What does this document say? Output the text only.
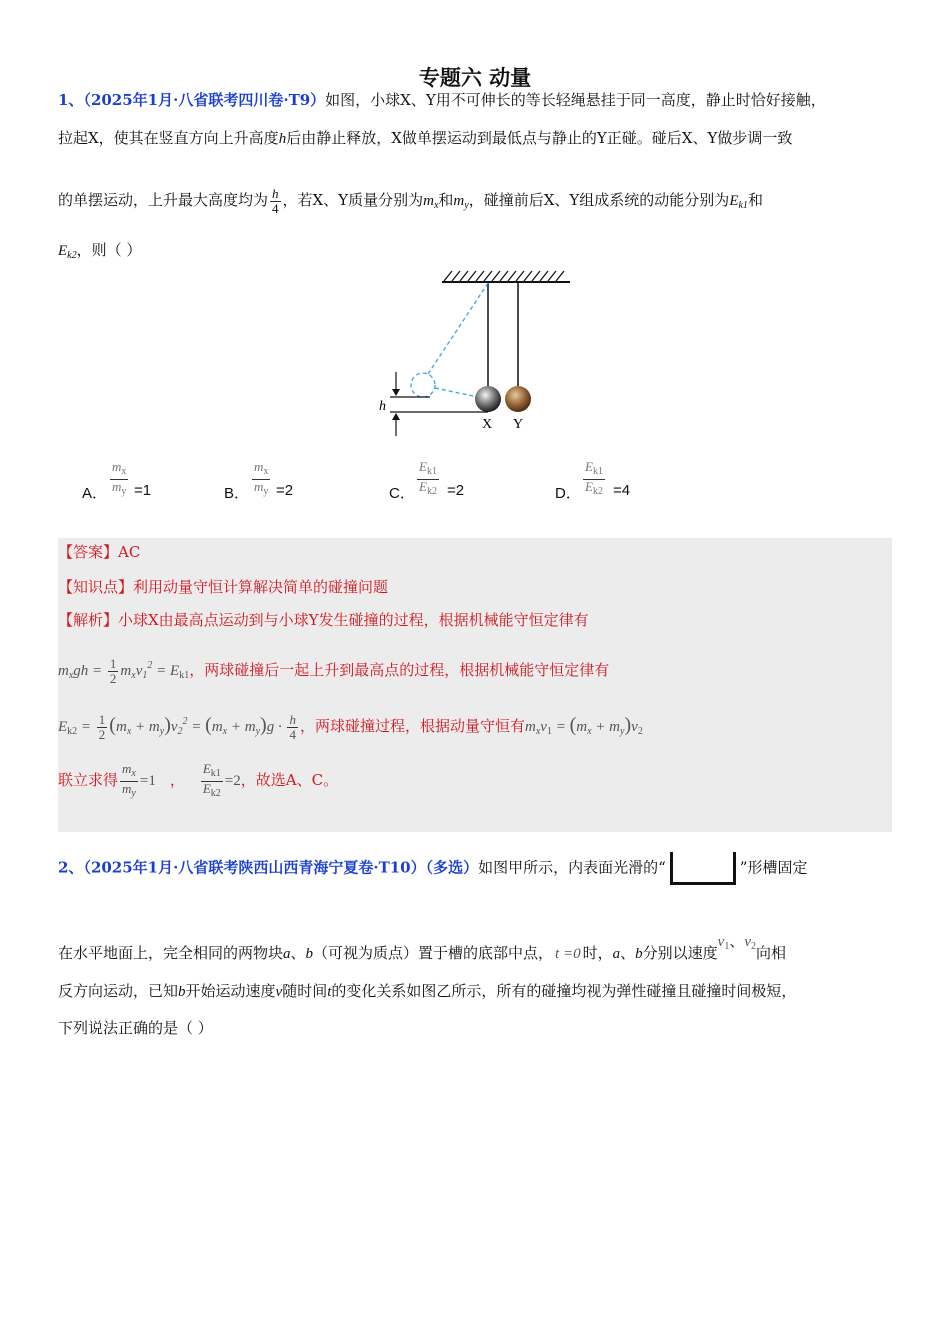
专题六 动量
1、（2025年1月·八省联考四川卷·T9）如图，小球X、Y用不可伸长的等长轻绳悬挂于同一高度，静止时恰好接触，
拉起X，使其在竖直方向上升高度h后由静止释放，X做单摆运动到最低点与静止的Y正碰。碰后X、Y做步调一致
的单摆运动，上升最大高度均为 $\frac{h}{4}$ ，若X、Y质量分别为$m_x$和$m_y$，碰撞前后X、Y组成系统的动能分别为$E_{k1}$和
$E_{k2}$，则（ ）
h
X Y
A． $\frac{m_x}{m_y} =1$	B． $\frac{m_x}{m_y} =2$	C． $\frac{E_{k1}}{E_{k2}} =2$	D． $\frac{E_{k1}}{E_{k2}} =4$
【答案】AC
【知识点】利用动量守恒计算解决简单的碰撞问题
【解析】小球X由最高点运动到与小球Y发生碰撞的过程，根据机械能守恒定律有
$m_xgh = \frac{1}{2} m_xv_1^2 = E_{k1}$，两球碰撞后一起上升到最高点的过程，根据机械能守恒定律有
$E_{k2} = \frac{1}{2} (m_x + m_y)v_2^2 = (m_x + m_y)g \cdot \frac{h}{4}$ ，两球碰撞过程，根据动量守恒有$m_xv_1 = (m_x + m_y)v_2$
联立求得 $\frac{m_x}{m_y} =1$ ， $\frac{E_{k1}}{E_{k2}} =2$，故选A、C。
2、（2025年1月·八省联考陕西山西青海宁夏卷·T10）（多选）如图甲所示，内表面光滑的“	”形槽固定
在水平地面上，完全相同的两物块a、b（可视为质点）置于槽的底部中点， t =0 时，a、b分别以速度$v_1$、$v_2$向相
反方向运动，已知b开始运动速度v随时间t的变化关系如图乙所示，所有的碰撞均视为弹性碰撞且碰撞时间极短，
下列说法正确的是（ ）
